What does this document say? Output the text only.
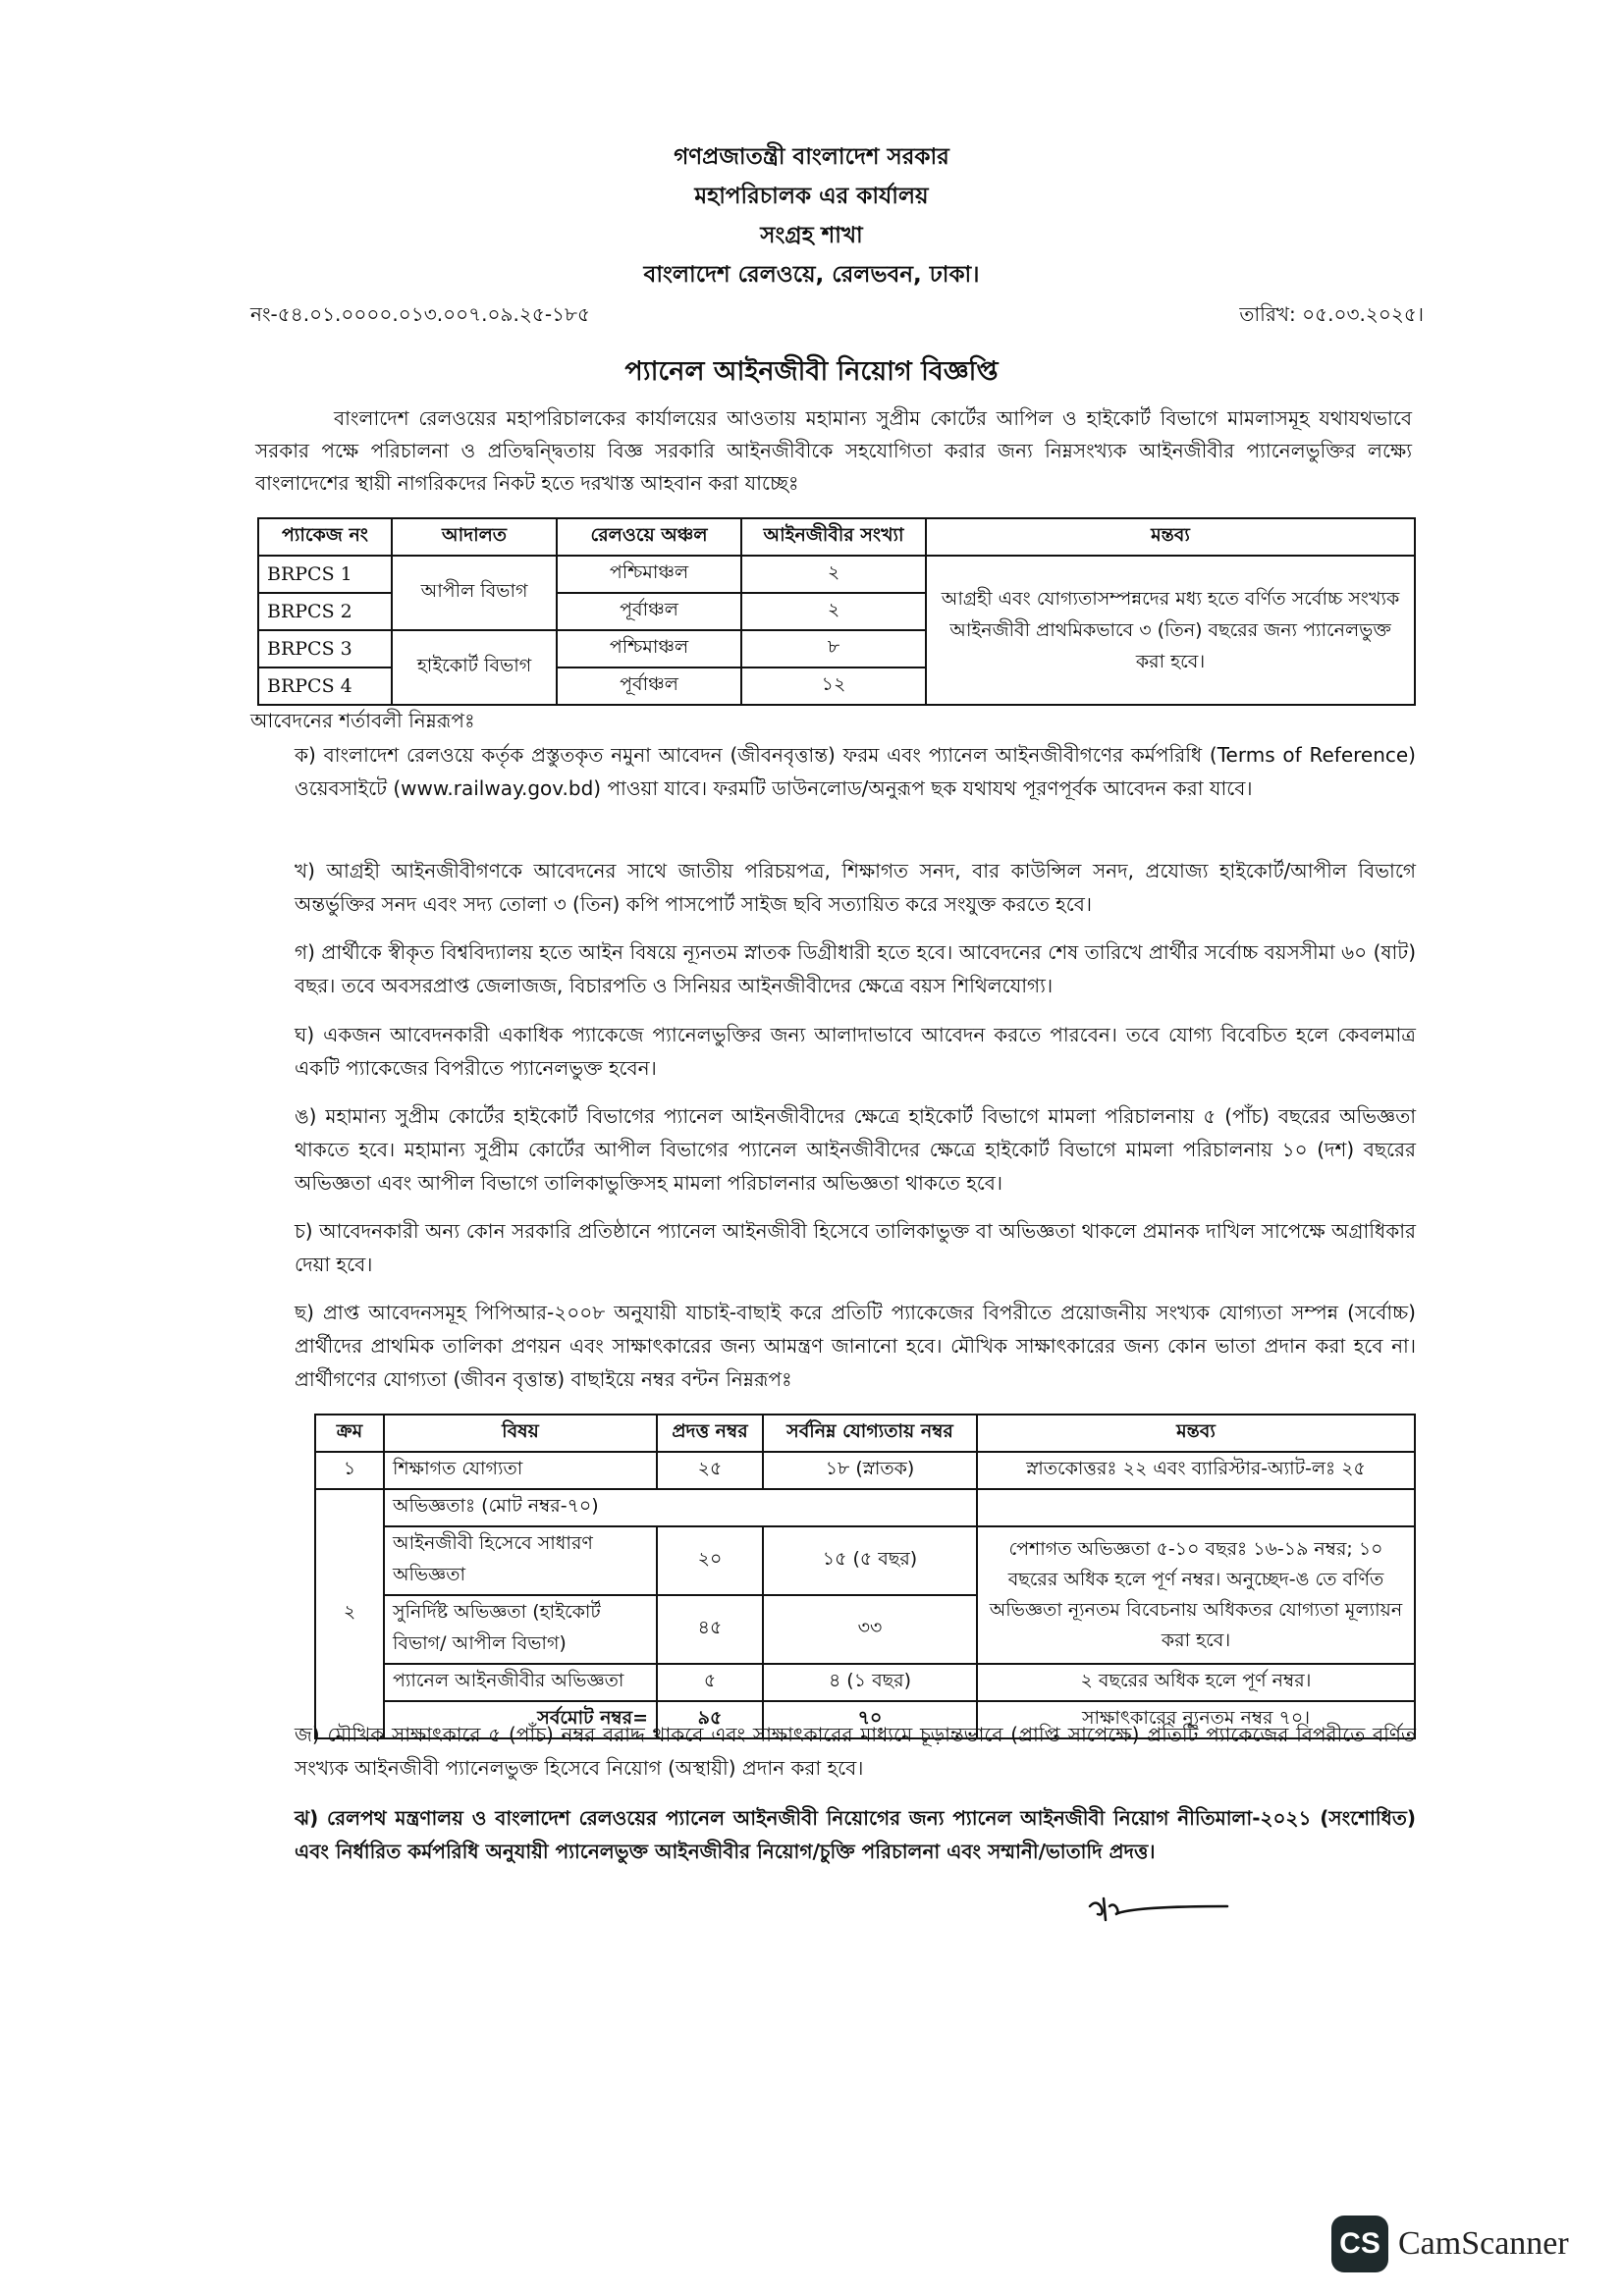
গণপ্রজাতন্ত্রী বাংলাদেশ সরকার
মহাপরিচালক এর কার্যালয়
সংগ্রহ শাখা
বাংলাদেশ রেলওয়ে, রেলভবন, ঢাকা।
নং-৫৪.০১.০০০০.০১৩.০০৭.০৯.২৫-১৮৫	তারিখ: ০৫.০৩.২০২৫।
প্যানেল আইনজীবী নিয়োগ বিজ্ঞপ্তি
বাংলাদেশ রেলওয়ের মহাপরিচালকের কার্যালয়ের আওতায় মহামান্য সুপ্রীম কোর্টের আপিল ও হাইকোর্ট বিভাগে মামলাসমূহ যথাযথভাবে সরকার পক্ষে পরিচালনা ও প্রতিদ্বন্দ্বিতায় বিজ্ঞ সরকারি আইনজীবীকে সহযোগিতা করার জন্য নিম্নসংখ্যক আইনজীবীর প্যানেলভুক্তির লক্ষ্যে বাংলাদেশের স্থায়ী নাগরিকদের নিকট হতে দরখাস্ত আহবান করা যাচ্ছেঃ
প্যাকেজ নং	আদালত	রেলওয়ে অঞ্চল	আইনজীবীর সংখ্যা	মন্তব্য
BRPCS 1	আপীল বিভাগ	পশ্চিমাঞ্চল	২	আগ্রহী এবং যোগ্যতাসম্পন্নদের মধ্য হতে বর্ণিত সর্বোচ্চ সংখ্যক আইনজীবী প্রাথমিকভাবে ৩ (তিন) বছরের জন্য প্যানেলভুক্ত করা হবে।
BRPCS 2		পূর্বাঞ্চল	২	
BRPCS 3	হাইকোর্ট বিভাগ	পশ্চিমাঞ্চল	৮	
BRPCS 4		পূর্বাঞ্চল	১২	
আবেদনের শর্তাবলী নিম্নরূপঃ
ক) বাংলাদেশ রেলওয়ে কর্তৃক প্রস্তুতকৃত নমুনা আবেদন (জীবনবৃত্তান্ত) ফরম এবং প্যানেল আইনজীবীগণের কর্মপরিধি (Terms of Reference) ওয়েবসাইটে (www.railway.gov.bd) পাওয়া যাবে। ফরমটি ডাউনলোড/অনুরূপ ছক যথাযথ পূরণপূর্বক আবেদন করা যাবে।
খ) আগ্রহী আইনজীবীগণকে আবেদনের সাথে জাতীয় পরিচয়পত্র, শিক্ষাগত সনদ, বার কাউন্সিল সনদ, প্রযোজ্য হাইকোর্ট/আপীল বিভাগে অন্তর্ভুক্তির সনদ এবং সদ্য তোলা ৩ (তিন) কপি পাসপোর্ট সাইজ ছবি সত্যায়িত করে সংযুক্ত করতে হবে।
গ) প্রার্থীকে স্বীকৃত বিশ্ববিদ্যালয় হতে আইন বিষয়ে ন্যূনতম স্নাতক ডিগ্রীধারী হতে হবে। আবেদনের শেষ তারিখে প্রার্থীর সর্বোচ্চ বয়সসীমা ৬০ (ষাট) বছর। তবে অবসরপ্রাপ্ত জেলাজজ, বিচারপতি ও সিনিয়র আইনজীবীদের ক্ষেত্রে বয়স শিথিলযোগ্য।
ঘ) একজন আবেদনকারী একাধিক প্যাকেজে প্যানেলভুক্তির জন্য আলাদাভাবে আবেদন করতে পারবেন। তবে যোগ্য বিবেচিত হলে কেবলমাত্র একটি প্যাকেজের বিপরীতে প্যানেলভুক্ত হবেন।
ঙ) মহামান্য সুপ্রীম কোর্টের হাইকোর্ট বিভাগের প্যানেল আইনজীবীদের ক্ষেত্রে হাইকোর্ট বিভাগে মামলা পরিচালনায় ৫ (পাঁচ) বছরের অভিজ্ঞতা থাকতে হবে। মহামান্য সুপ্রীম কোর্টের আপীল বিভাগের প্যানেল আইনজীবীদের ক্ষেত্রে হাইকোর্ট বিভাগে মামলা পরিচালনায় ১০ (দশ) বছরের অভিজ্ঞতা এবং আপীল বিভাগে তালিকাভুক্তিসহ মামলা পরিচালনার অভিজ্ঞতা থাকতে হবে।
চ) আবেদনকারী অন্য কোন সরকারি প্রতিষ্ঠানে প্যানেল আইনজীবী হিসেবে তালিকাভুক্ত বা অভিজ্ঞতা থাকলে প্রমানক দাখিল সাপেক্ষে অগ্রাধিকার দেয়া হবে।
ছ) প্রাপ্ত আবেদনসমূহ পিপিআর-২০০৮ অনুযায়ী যাচাই-বাছাই করে প্রতিটি প্যাকেজের বিপরীতে প্রয়োজনীয় সংখ্যক যোগ্যতা সম্পন্ন (সর্বোচ্চ) প্রার্থীদের প্রাথমিক তালিকা প্রণয়ন এবং সাক্ষাৎকারের জন্য আমন্ত্রণ জানানো হবে। মৌখিক সাক্ষাৎকারের জন্য কোন ভাতা প্রদান করা হবে না। প্রার্থীগণের যোগ্যতা (জীবন বৃত্তান্ত) বাছাইয়ে নম্বর বন্টন নিম্নরূপঃ
ক্রম	বিষয়	প্রদত্ত নম্বর	সর্বনিম্ন যোগ্যতায় নম্বর	মন্তব্য
১	শিক্ষাগত যোগ্যতা	২৫	১৮ (স্নাতক)	স্নাতকোত্তরঃ ২২ এবং ব্যারিস্টার-অ্যাট-লঃ ২৫
২	অভিজ্ঞতাঃ (মোট নম্বর-৭০)			
	আইনজীবী হিসেবে সাধারণ অভিজ্ঞতা	২০	১৫ (৫ বছর)	পেশাগত অভিজ্ঞতা ৫-১০ বছরঃ ১৬-১৯ নম্বর; ১০ বছরের অধিক হলে পূর্ণ নম্বর। অনুচ্ছেদ-ঙ তে বর্ণিত অভিজ্ঞতা ন্যূনতম বিবেচনায় অধিকতর যোগ্যতা মূল্যায়ন করা হবে।
	সুনির্দিষ্ট অভিজ্ঞতা (হাইকোর্ট বিভাগ/ আপীল বিভাগ)	৪৫	৩৩	
	প্যানেল আইনজীবীর অভিজ্ঞতা	৫	৪ (১ বছর)	২ বছরের অধিক হলে পূর্ণ নম্বর।
	সর্বমোট নম্বর=	৯৫	৭০	সাক্ষাৎকারের ন্যূনতম নম্বর ৭০।
জ) মৌখিক সাক্ষাৎকারে ৫ (পাঁচ) নম্বর বরাদ্দ থাকবে এবং সাক্ষাৎকারের মাধ্যমে চূড়ান্তভাবে (প্রাপ্তি সাপেক্ষে) প্রতিটি প্যাকেজের বিপরীতে বর্ণিত সংখ্যক আইনজীবী প্যানেলভুক্ত হিসেবে নিয়োগ (অস্থায়ী) প্রদান করা হবে।
ঝ) রেলপথ মন্ত্রণালয় ও বাংলাদেশ রেলওয়ের প্যানেল আইনজীবী নিয়োগের জন্য প্যানেল আইনজীবী নিয়োগ নীতিমালা-২০২১ (সংশোধিত) এবং নির্ধারিত কর্মপরিধি অনুযায়ী প্যানেলভুক্ত আইনজীবীর নিয়োগ/চুক্তি পরিচালনা এবং সম্মানী/ভাতাদি প্রদত্ত।
CS CamScanner
